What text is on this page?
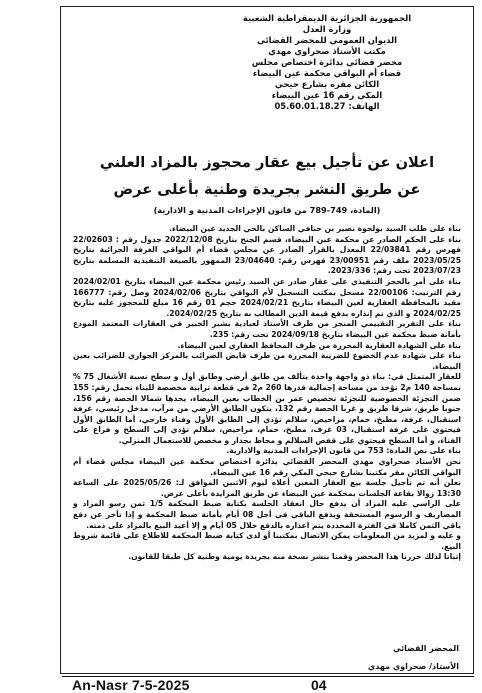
الجمهورية الجزائرية الديمقراطية الشعبية
وزارة العدل
الديوان العمومي للمحضر القضائي
مكتب الأستاذ صحراوي مهدي
محضر قضائي بدائرة اختصاص مجلس
قضاء أم البواقي محكمة عين البيضاء
الكائن مقره بشارع حيحي
المكي رقم 16 عين البيضاء
الهاتف: 05.60.01.18.27
اعلان عن تأجيل بيع عقار محجوز بالمزاد العلني
عن طريق النشر بجريدة وطنية بأعلى عرض
(المادة، 749-789 من قانون الإجراءات المدنية و الادارية)

بناء على طلب السيد بولحوة نصير بن حنافي الساكن بالحي الجديد عين البيضاء.

بناء على الحكم الصادر عن محكمة عين البيضاء، قسم الجنح بتاريخ 2022/12/08 جدول رقم : 22/02603 فهرس رقم 22/03841 المعدل بالقرار الصادر عن مجلس قضاء أم البواقي الغرفة الجزائية بتاريخ 2023/05/25 ملف رقم 23/00951 فهرس رقم: 23/04640 الممهور بالصيغة التنفيذية المسلمة بتاريخ 2023/07/23 تحت رقم: 2023/336.

بناء على أمر بالحجز التنفيذي على عقار صادر عن السيد رئيس محكمة عين البيضاء بتاريخ 2024/02/01 رقم الترتيب: 22/00106 مسجل بمكتب التسجيل لأم البواقي بتاريخ 2024/02/06 وصل رقم: 166777 مقيد بالمحافظة العقارية لعين البيضاء بتاريخ 2024/02/21 حجم 01 رقم 16 مبلغ للمحجوز عليه بتاريخ 2024/02/25 و الذي تم إنذاره بدفع قيمة الدين المطالب به بتاريخ 2024/02/25.

بناء على التقرير التقييمي المنجز من طرف الأستاذ لعبادية بشير الخبير في العقارات المعتمد المودع بأمانة ضبط محكمة عين البيضاء بتاريخ 2024/09/18 تحت رقم: 235.

بناء على الشهادة العقارية المحررة من طرف المحافظ العقاري لعين البيضاء.

بناء على شهادة عدم الخضوع للضريبة المحررة من طرف قابض الضرائب بالمركز الجواري للضرائب بعين البيضاء.

للعقار المتمثل في: بناء ذو واجهة واحدة يتألف من طابق أرضي وطابق أول و سطح نسبة الأشغال 75 % بمساحة 140 م2 تؤخذ من مساحة إجمالية قدرها 260 م2 في قطعة ترابية مخصصة للبناء تحمل رقم: 155 ضمن التجزئة الخصوصية للتجزئة تحصيص عمر بن الخطاب بعين البيضاء، يحدها شمالا الحصة رقم 156، جنوبا طريق، شرقا طريق و غربا الحصة رقم 132، يتكون الطابق الأرضي من مرآب، مدخل رئيسي، غرفة استقبال، غرفة، مطبخ، حمام، مراحيض، سلالم تؤدي إلى الطابق الأول وفناء خارجي، أما الطابق الأول فيحتوي على غرفة استقبال، 03 غرف، مطبخ، حمام، مراحيض، سلالم تؤدي إلى السطح و فراغ على الفناء، و أما السطح فيحتوي على قفص السلالم و محاط بجدار و مخصص للاستعمال المنزلي.

بناء على نص المادة: 753 من قانون الإجراءات المدنية والادارية.

نحن الأستاذ صحراوي مهدي المحضر القضائي بدائرة اختصاص محكمة عين البيضاء مجلس قضاء أم البواقي الكائن مقر مكتبنا بشارع حيحي المكي رقم 16 عين البيضاء.

نعلن أنه تم تأجيل جلسة بيع العقار المعين أعلاه ليوم الاثنين الموافق لـ: 2025/05/26 على الساعة 13:30 زوالا بقاعة الجلسات بمحكمة عين البيضاء عن طريق المزايدة بأعلى عرض.

على الراسي عليه المزاد أن يدفع حال انعقاد الجلسة بكتابة ضبط المحكمة 1/5 ثمن رسو المزاد و المصاريف و الرسوم المستحقة ويدفع الباقي في أجل 08 أيام بأمانة ضبط المحكمة و إذا تأخر عن دفع باقي الثمن كاملا في الفترة المحددة يتم اعذاره بالدفع خلال 05 أيام و إلا أعيد البيع بالمزاد على ذمته.

و عليه و لمزيد من المعلومات يمكن الاتصال بمكتبنا أو لدى كتابة ضبط المحكمة للاطلاع على قائمة شروط البيع.

إثباتا لذلك حررنا هذا المحضر وقمنا بنشر نسخة منه بجريدة يومية وطنية كل طبقا للقانون.

المحضر القضائي
الأستاذ/ صحراوي مهدي
An-Nasr 7-5-2025	04
